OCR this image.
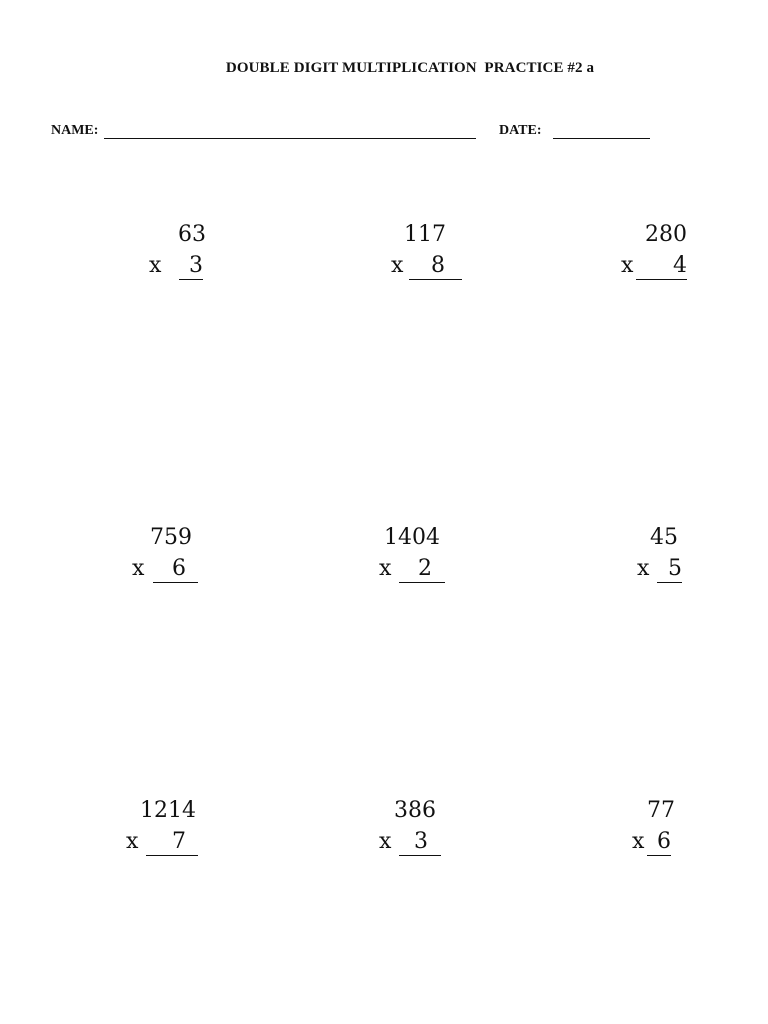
DOUBLE DIGIT MULTIPLICATION  PRACTICE #2 a
NAME:	DATE:
63
x	3
117
x	8
280
x	4
759
x	6
1404
x	2
45
x 5
1214
x	7
386
x	3
77
x 6
